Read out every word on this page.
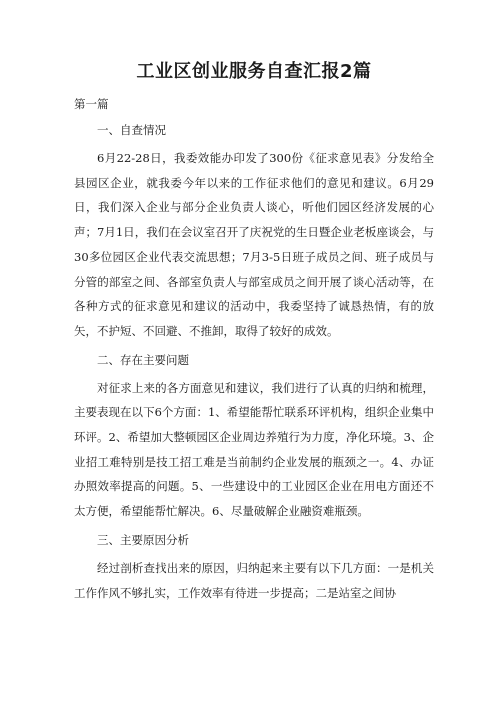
工业区创业服务自查汇报2篇
第一篇
一、自查情况

6月22-28日，我委效能办印发了300份《征求意见表》分发给全县园区企业，就我委今年以来的工作征求他们的意见和建议。6月29日，我们深入企业与部分企业负责人谈心，听他们园区经济发展的心声；7月1日，我们在会议室召开了庆祝党的生日暨企业老板座谈会，与30多位园区企业代表交流思想；7月3-5日班子成员之间、班子成员与分管的部室之间、各部室负责人与部室成员之间开展了谈心活动等，在各种方式的征求意见和建议的活动中，我委坚持了诚恳热情，有的放矢，不护短、不回避、不推卸，取得了较好的成效。

二、存在主要问题

对征求上来的各方面意见和建议，我们进行了认真的归纳和梳理，主要表现在以下6个方面：1、希望能帮忙联系环评机构，组织企业集中环评。2、希望加大整顿园区企业周边养殖行为力度，净化环境。3、企业招工难特别是技工招工难是当前制约企业发展的瓶颈之一。4、办证办照效率提高的问题。5、一些建设中的工业园区企业在用电方面还不太方便，希望能帮忙解决。6、尽量破解企业融资难瓶颈。

三、主要原因分析

经过剖析查找出来的原因，归纳起来主要有以下几方面：一是机关工作作风不够扎实，工作效率有待进一步提高；二是站室之间协
